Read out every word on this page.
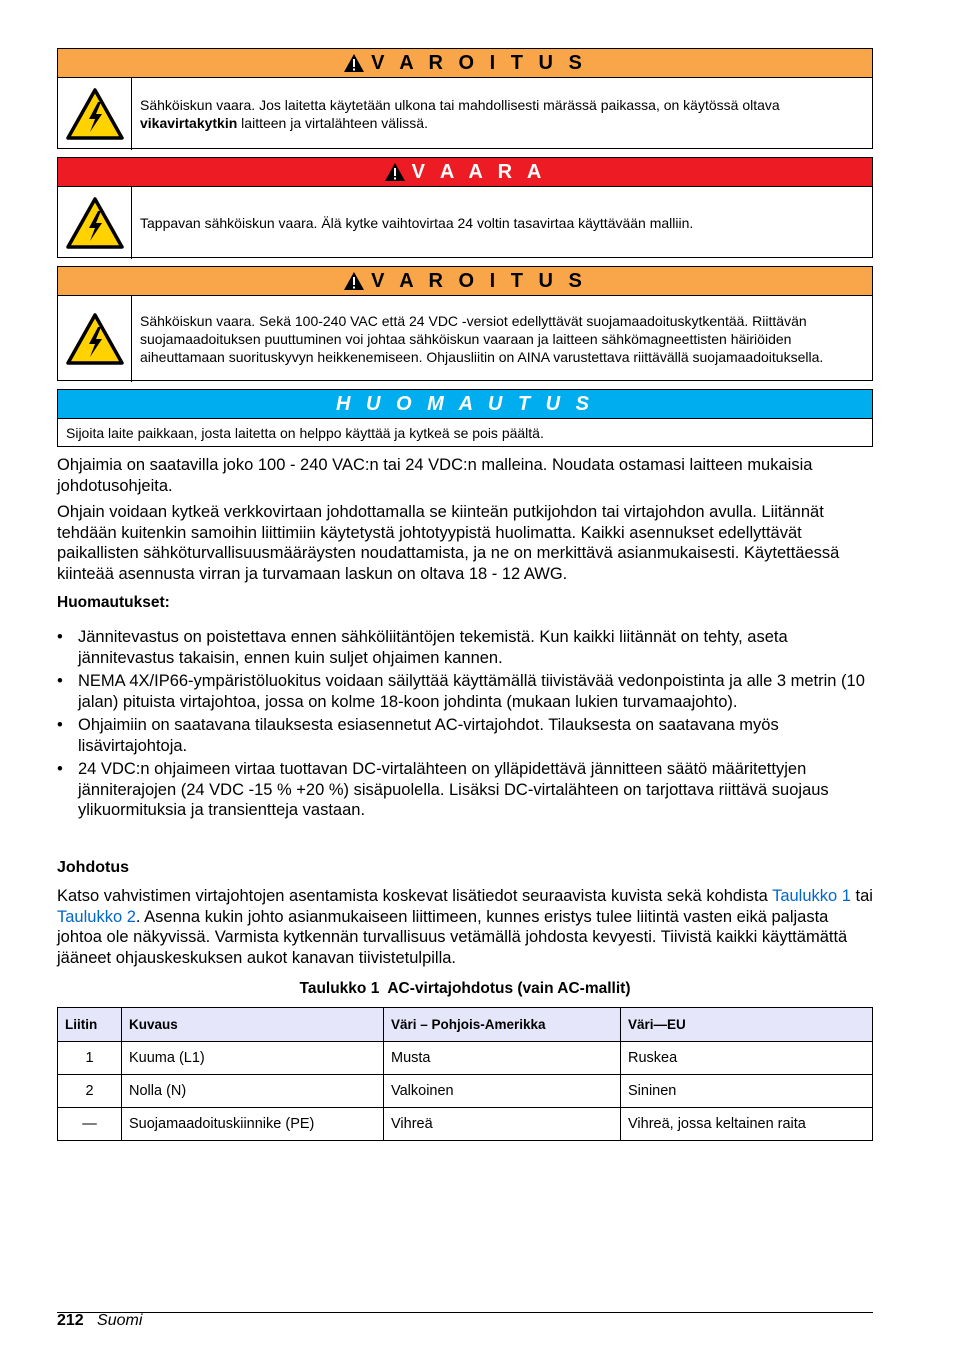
V A R O I T U S
Sähköiskun vaara. Jos laitetta käytetään ulkona tai mahdollisesti märässä paikassa, on käytössä oltava vikavirtakytkin laitteen ja virtalähteen välissä.
V A A R A
Tappavan sähköiskun vaara. Älä kytke vaihtovirtaa 24 voltin tasavirtaa käyttävään malliin.
V A R O I T U S
Sähköiskun vaara. Sekä 100-240 VAC että 24 VDC -versiot edellyttävät suojamaadoituskytkentää. Riittävän suojamaadoituksen puuttuminen voi johtaa sähköiskun vaaraan ja laitteen sähkömagneettisten häiriöiden aiheuttamaan suorituskyvyn heikkenemiseen. Ohjausliitin on AINA varustettava riittävällä suojamaadoituksella.
H U O M A U T U S
Sijoita laite paikkaan, josta laitetta on helppo käyttää ja kytkeä se pois päältä.
Ohjaimia on saatavilla joko 100 - 240 VAC:n tai 24 VDC:n malleina. Noudata ostamasi laitteen mukaisia johdotusohjeita.
Ohjain voidaan kytkeä verkkovirtaan johdottamalla se kiinteän putkijohdon tai virtajohdon avulla. Liitännät tehdään kuitenkin samoihin liittimiin käytetystä johtotyypistä huolimatta. Kaikki asennukset edellyttävät paikallisten sähköturvallisuusmääräysten noudattamista, ja ne on merkittävä asianmukaisesti. Käytettäessä kiinteää asennusta virran ja turvamaan laskun on oltava 18 - 12 AWG.
Huomautukset:
• Jännitevastus on poistettava ennen sähköliitäntöjen tekemistä. Kun kaikki liitännät on tehty, aseta jännitevastus takaisin, ennen kuin suljet ohjaimen kannen.
• NEMA 4X/IP66-ympäristöluokitus voidaan säilyttää käyttämällä tiivistävää vedonpoistinta ja alle 3 metrin (10 jalan) pituista virtajohtoa, jossa on kolme 18-koon johdinta (mukaan lukien turvamaajohto).
• Ohjaimiin on saatavana tilauksesta esiasennetut AC-virtajohdot. Tilauksesta on saatavana myös lisävirtajohtoja.
• 24 VDC:n ohjaimeen virtaa tuottavan DC-virtalähteen on ylläpidettävä jännitteen säätö määritettyjen jänniterajojen (24 VDC -15 % +20 %) sisäpuolella. Lisäksi DC-virtalähteen on tarjottava riittävä suojaus ylikuormituksia ja transientteja vastaan.
Johdotus
Katso vahvistimen virtajohtojen asentamista koskevat lisätiedot seuraavista kuvista sekä kohdista Taulukko 1 tai Taulukko 2. Asenna kukin johto asianmukaiseen liittimeen, kunnes eristys tulee liitintä vasten eikä paljasta johtoa ole näkyvissä. Varmista kytkennän turvallisuus vetämällä johdosta kevyesti. Tiivistä kaikki käyttämättä jääneet ohjauskeskuksen aukot kanavan tiivistetulpilla.
Taulukko 1  AC-virtajohdotus (vain AC-mallit)
Liitin	Kuvaus	Väri – Pohjois-Amerikka	Väri—EU
1	Kuuma (L1)	Musta	Ruskea
2	Nolla (N)	Valkoinen	Sininen
—	Suojamaadoituskiinnike (PE)	Vihreä	Vihreä, jossa keltainen raita
212 Suomi
